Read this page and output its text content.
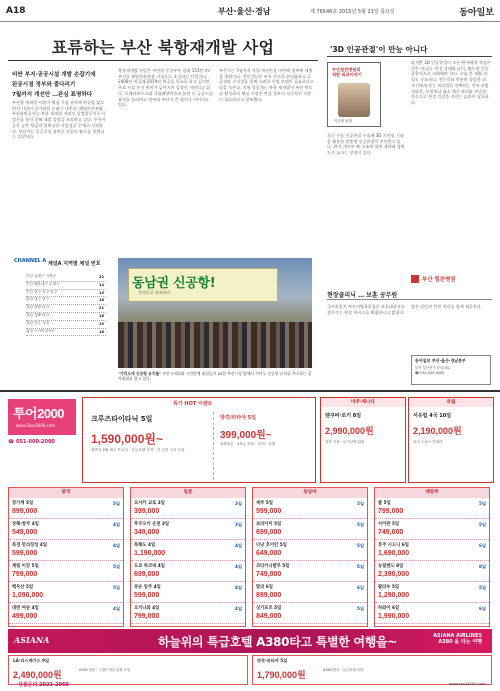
A18	부산·울산·경남	제 76546호 2015년 5월 21일 목요일	동아일보
표류하는 부산 북항재개발 사업
비싼 부지·공공시설 개발 손잡기에
완공시점 정부와 줄다리기
7월까지 개선안 …관심 표명하다
부산항 재개발 사업이 핵심 시설 유치에 차질을 빚으면서 사업이 장기화될 우려가 나온다. 해양수산부와 부산항만공사는 북항 재개발 지역의 상업업무지구 사업자를 찾지 못해 개발 일정을 조정하고 있다. 투자자들은 높은 땅값과 불확실한 사업성을 문제로 지적한다. 부산시는 공공시설 유치로 사업의 활로를 찾겠다는 입장이다.
북항재개발 사업은 부산항 중앙부두 일대 153만 m² 부지를 해양문화관광 거점으로 조성하는 사업이다. 2008년 착공해 2019년 완공을 목표로 하고 있지만 주요 시설 투자 유치가 늦어지며 일정이 지연되고 있다. 오페라하우스와 국립해양박물관 분관 등 공공시설 유치를 둘러싸고 정부와 부산시 간 협의가 이어지고 있다.
부산시는 7월까지 사업 개선안을 마련해 정부에 제출할 계획이다. 전문가들은 부지 가격을 현실화하고 공공성과 수익성을 함께 고려한 사업 모델이 필요하다고 입을 모은다. 지역 상공계는 북항 재개발이 부산 원도심 활성화의 핵심 사업인 만큼 정부의 적극적인 지원이 필요하다고 강조했다.
CHANNEL A 채널A 지역별 채널 번호
부산 동래구 기장군	22
부산 해운대구 수영구	14
부산 중구 서구 동구	15
울산 남구 중구	18
경남 창원 마산	21
경남 김해 양산	16
경남 진주 사천	19
위성 스카이라이프	18
동남권 신공항!
가덕도로 유치하자
"가덕도에 신공항 유치를" 부산시의회와 시민단체 회원들이 20일 부산시청 앞에서 가덕도 신공항 유치를 촉구하는 결의대회를 열고 있다.
'3D 인공관절'이 만능 아니다
부산힘찬병원의
척한 의료이야기
이준희 원장
최근 무릎 인공관절 수술에 3D 프린팅 기술을 활용한 맞춤형 인공관절이 주목받고 있다. 환자 개인의 뼈 구조에 맞게 제작돼 정확도가 높다는 장점이 있다.
하지만 3D 인공관절이 모든 환자에게 적합한 것은 아니다. 관절 상태와 나이, 활동량 등을 종합적으로 고려해야 한다. 수술 후 재활 과정도 중요하다. 전문의와 충분히 상담한 뒤 자신에게 맞는 치료법을 선택하는 것이 바람직하다. 무엇보다 평소 체중 관리와 꾸준한 운동으로 관절 건강을 지키는 습관이 필요하다.
부산 힘찬병원
현장클리닉 … 보훈 공무원
국가보훈처 부산지방보훈청은 보훈대상자를 찾아가는 현장 서비스를 확대한다고 밝혔다.
방문 상담과 민원 처리를 함께 제공한다.
동아일보 부산·울산·경남본부
부산 부산진구 중앙대로
☎ 051-000-0000
투어2000
www.Tour2000.com
☎ 051-000-2000
특가 HOT 이벤트
크루즈타이타닉 5일
1,590,000원~
출발일 6월 매주 목요일 · 특급호텔 숙박 · 전 일정 식사 포함
방콕/파타야 5일
399,000원~
왕복항공 · 4성급 호텔 · 가이드 동행
미주·캐나다
밴쿠버·로키 8일
2,990,000원
직항 이용 · 로키산맥 관광
유럽
서유럽 4국 10일
2,190,000원
파리·스위스·이태리
중국
장가계 5일
899,000
5일
상해·항주 4일
549,000
4일
북경 만리장성 4일
599,000
4일
계림 이강 5일
799,000
5일
백두산 5일
1,090,000
5일
대련 여순 4일
499,000
4일
일본
오사카 교토 3일
399,000
3일
후쿠오카 온천 3일
349,000
3일
북해도 4일
1,190,000
4일
도쿄 하코네 4일
699,000
4일
큐슈 일주 4일
599,000
4일
오키나와 4일
799,000
4일
동남아
세부 5일
599,000
5일
보라카이 5일
699,000
5일
다낭 호이안 5일
649,000
5일
코타키나발루 5일
749,000
5일
발리 6일
899,000
6일
싱가포르 5일
849,000
5일
대양주
괌 5일
799,000
5일
사이판 5일
749,000
5일
호주 시드니 6일
1,690,000
6일
뉴질랜드 8일
2,390,000
8일
팔라우 5일
1,290,000
5일
하와이 6일
1,990,000
6일
ASIANA	하늘위의 특급호텔 A380타고 특별한 여행을~	ASIANA AIRLINES
A380 을 타는 여행
LA·라스베가스 9일
2,490,000원	A380 탑승 · 그랜드캐년 관광 포함
방콕·파타야 5일
1,790,000원	A380 탑승 · 특급호텔 숙박
상품문의 2021-2060	www.tour2000.com
